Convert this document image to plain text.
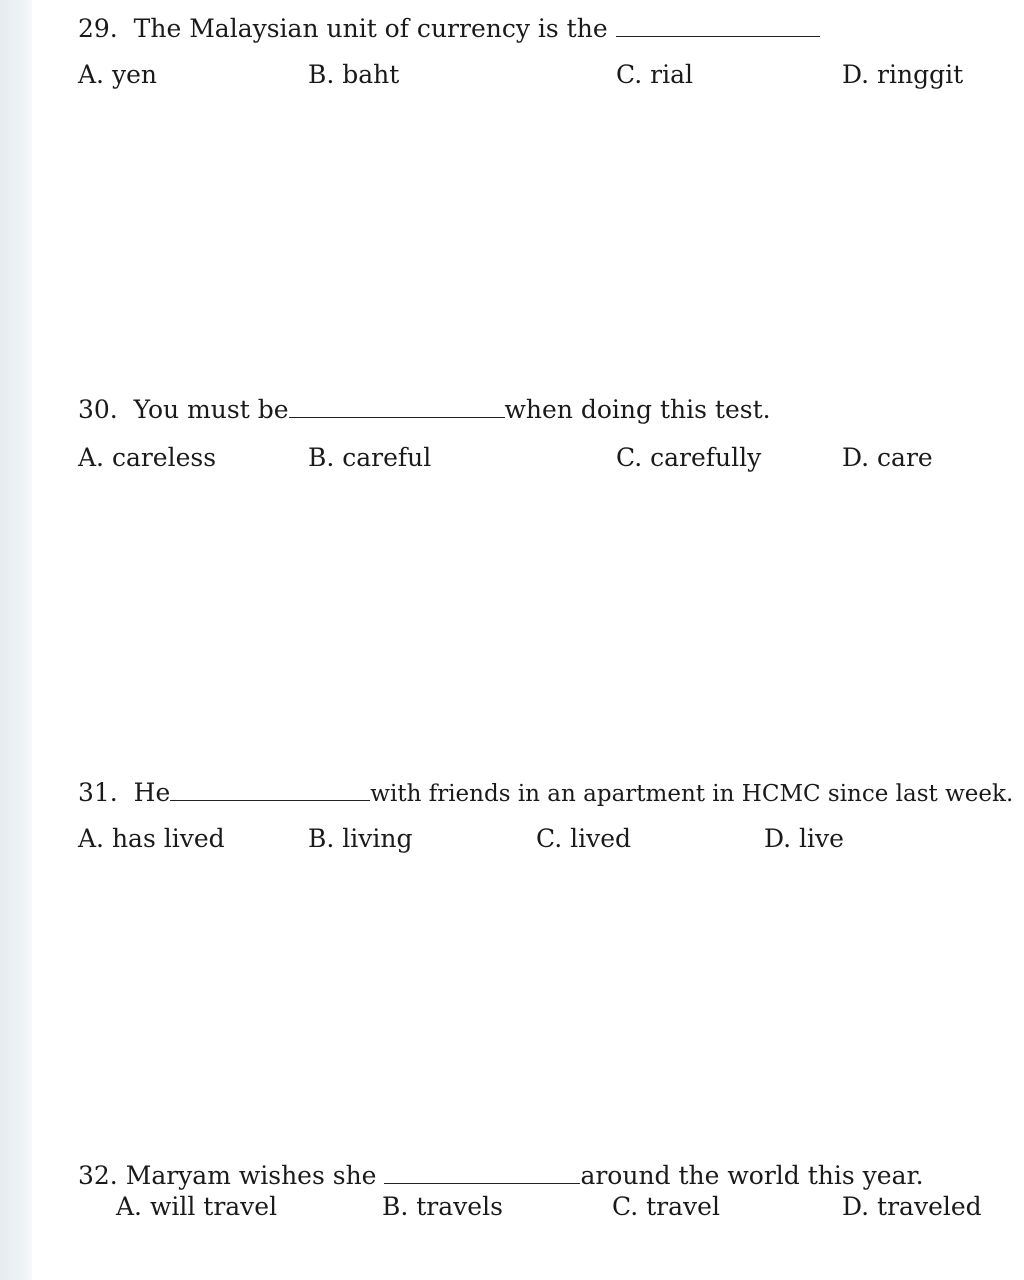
29. The Malaysian unit of currency is the
A. yen	B. baht	C. rial	D. ringgit
30. You must be	when doing this test.
A. careless	B. careful	C. carefully	D. care
31. He	with friends in an apartment in HCMC since last week.
A. has lived	B. living	C. lived	D. live
32. Maryam wishes she	around the world this year.
A. will travel	B. travels	C. travel	D. traveled
